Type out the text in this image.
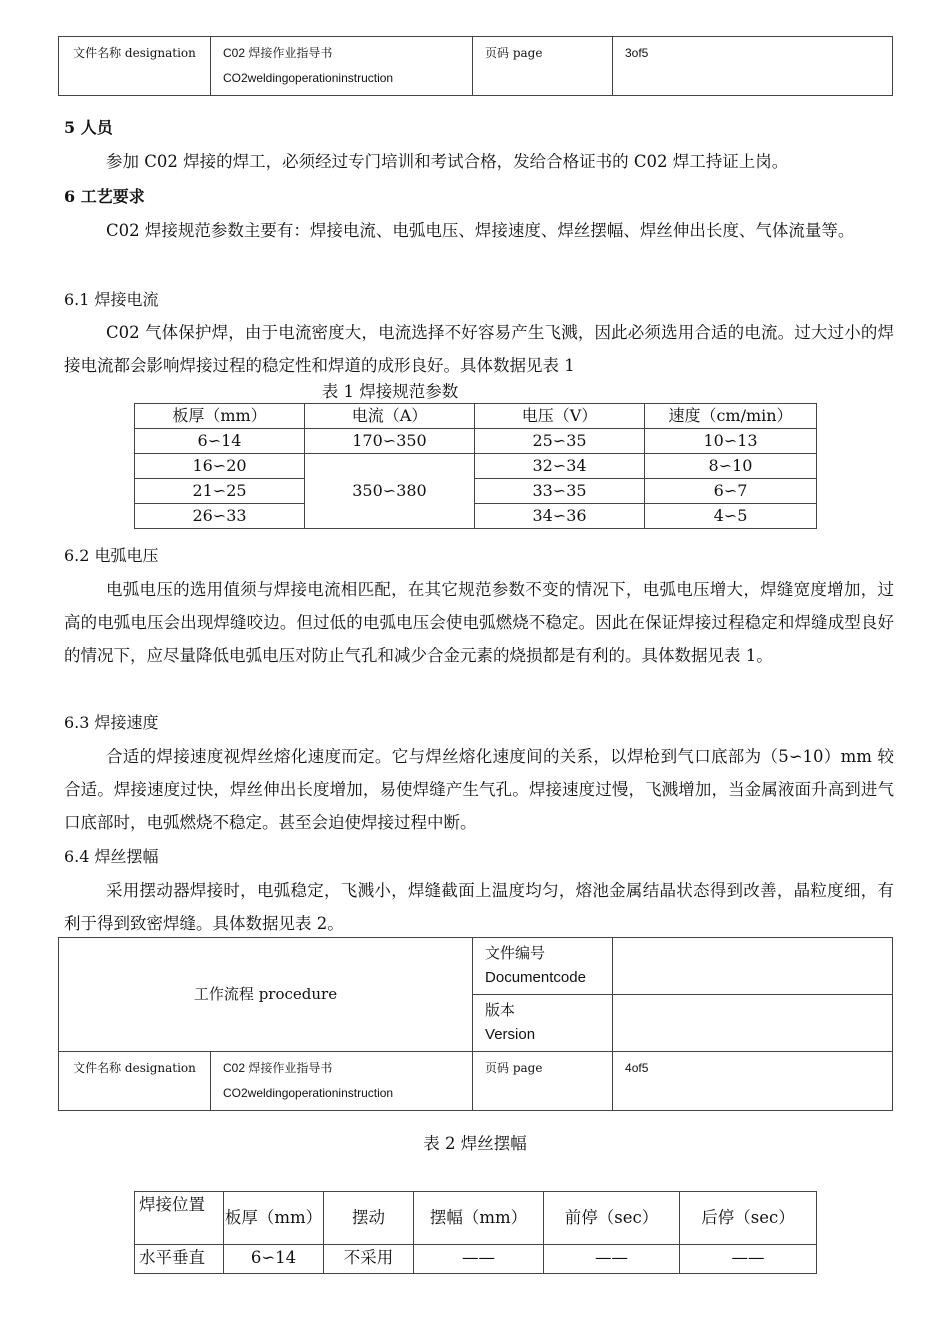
文件名称 designation	C02 焊接作业指导书
CO2weldingoperationinstruction
	页码 page	3of5

5 人员

参加 C02 焊接的焊工，必须经过专门培训和考试合格，发给合格证书的 C02 焊工持证上岗。

6 工艺要求

C02 焊接规范参数主要有：焊接电流、电弧电压、焊接速度、焊丝摆幅、焊丝伸出长度、气体流量等。

6.1 焊接电流

C02 气体保护焊，由于电流密度大，电流选择不好容易产生飞溅，因此必须选用合适的电流。过大过小的焊接电流都会影响焊接过程的稳定性和焊道的成形良好。具体数据见表 1

表 1 焊接规范参数
板厚（mm）	电流（A）	电压（V）	速度（cm/min）
6∽14	170∽350	25∽35	10∽13
16∽20	350∽380	32∽34	8∽10
21∽25		33∽35	6∽7
26∽33		34∽36	4∽5

6.2 电弧电压

电弧电压的选用值须与焊接电流相匹配，在其它规范参数不变的情况下，电弧电压增大，焊缝宽度增加，过高的电弧电压会出现焊缝咬边。但过低的电弧电压会使电弧燃烧不稳定。因此在保证焊接过程稳定和焊缝成型良好的情况下，应尽量降低电弧电压对防止气孔和减少合金元素的烧损都是有利的。具体数据见表 1。

6.3 焊接速度

合适的焊接速度视焊丝熔化速度而定。它与焊丝熔化速度间的关系，以焊枪到气口底部为（5∽10）mm 较合适。焊接速度过快，焊丝伸出长度增加，易使焊缝产生气孔。焊接速度过慢，飞溅增加，当金属液面升高到进气口底部时，电弧燃烧不稳定。甚至会迫使焊接过程中断。

6.4 焊丝摆幅

采用摆动器焊接时，电弧稳定，飞溅小，焊缝截面上温度均匀，熔池金属结晶状态得到改善，晶粒度细，有利于得到致密焊缝。具体数据见表 2。

工作流程 procedure		文件编号
Documentcode	

		版本
Version	

文件名称 designation	C02 焊接作业指导书
CO2weldingoperationinstruction	页码 page	4of5
表 2 焊丝摆幅
焊接位置	板厚（mm）	摆动	摆幅（mm）	前停（sec）	后停（sec）
水平垂直	6∽14	不采用	——	——	——
